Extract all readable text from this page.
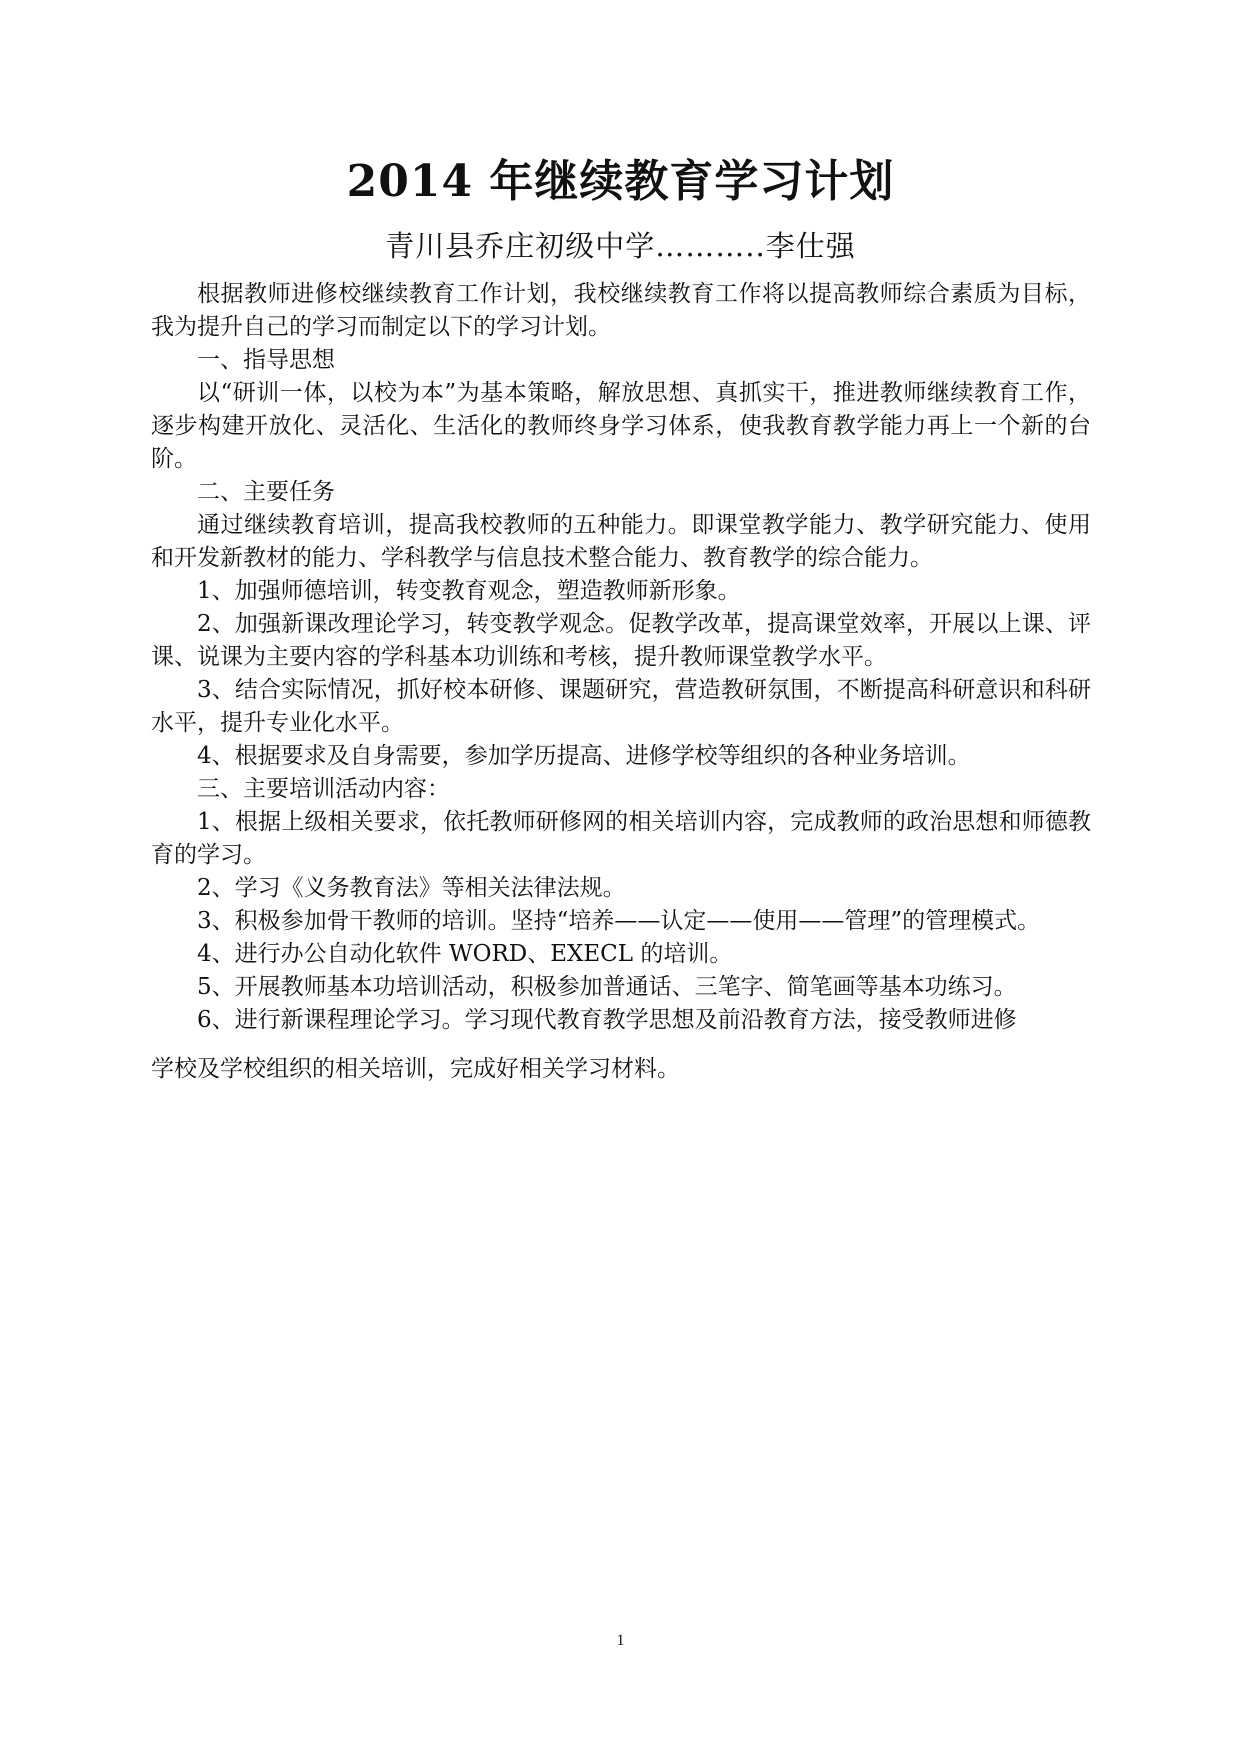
2014 年继续教育学习计划
青川县乔庄初级中学………..李仕强

根据教师进修校继续教育工作计划，我校继续教育工作将以提高教师综合素质为目标，我为提升自己的学习而制定以下的学习计划。

一、指导思想

以“研训一体，以校为本”为基本策略，解放思想、真抓实干，推进教师继续教育工作，逐步构建开放化、灵活化、生活化的教师终身学习体系，使我教育教学能力再上一个新的台阶。

二、主要任务

通过继续教育培训，提高我校教师的五种能力。即课堂教学能力、教学研究能力、使用和开发新教材的能力、学科教学与信息技术整合能力、教育教学的综合能力。

1、加强师德培训，转变教育观念，塑造教师新形象。

2、加强新课改理论学习，转变教学观念。促教学改革，提高课堂效率，开展以上课、评课、说课为主要内容的学科基本功训练和考核，提升教师课堂教学水平。

3、结合实际情况，抓好校本研修、课题研究，营造教研氛围，不断提高科研意识和科研水平，提升专业化水平。

4、根据要求及自身需要，参加学历提高、进修学校等组织的各种业务培训。

三、主要培训活动内容：

1、根据上级相关要求，依托教师研修网的相关培训内容，完成教师的政治思想和师德教育的学习。

2、学习《义务教育法》等相关法律法规。

3、积极参加骨干教师的培训。坚持“培养——认定——使用——管理”的管理模式。

4、进行办公自动化软件 WORD、EXECL 的培训。

5、开展教师基本功培训活动，积极参加普通话、三笔字、简笔画等基本功练习。

6、进行新课程理论学习。学习现代教育教学思想及前沿教育方法，接受教师进修
学校及学校组织的相关培训，完成好相关学习材料。

1
